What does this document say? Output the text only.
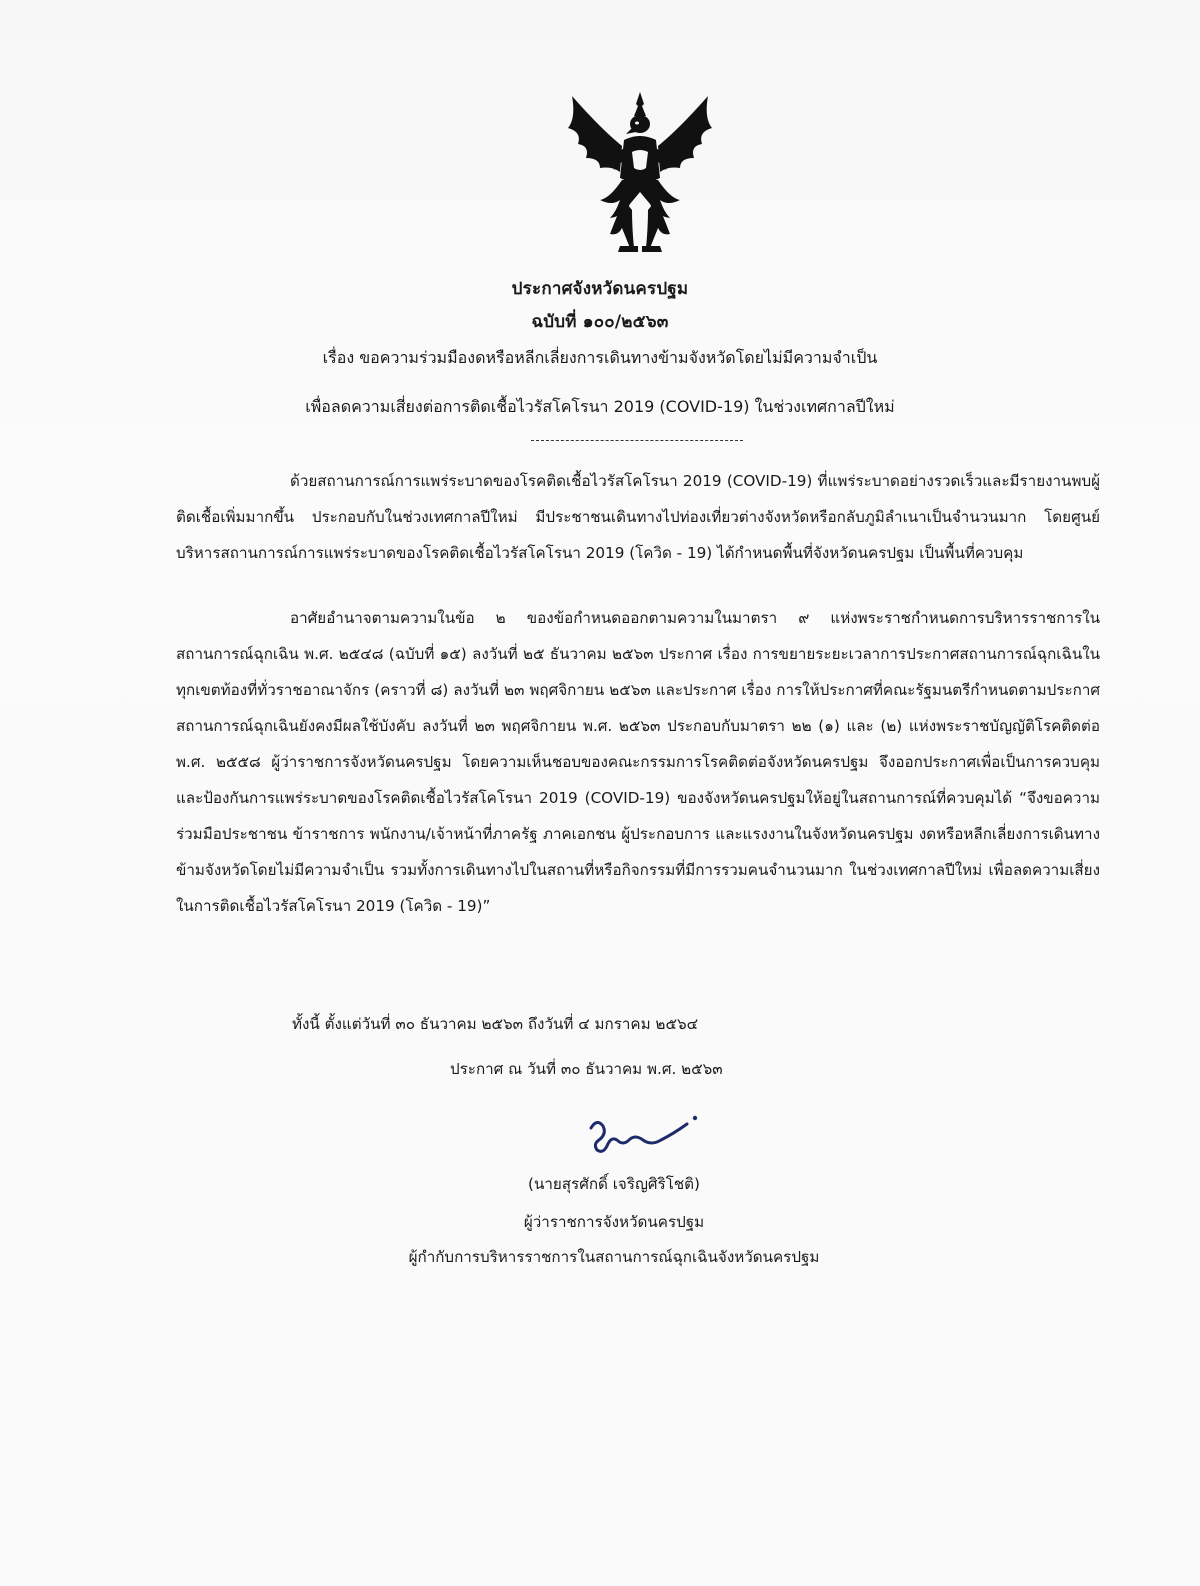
ประกาศจังหวัดนครปฐม
ฉบับที่ ๑๐๐/๒๕๖๓
เรื่อง ขอความร่วมมืองดหรือหลีกเลี่ยงการเดินทางข้ามจังหวัดโดยไม่มีความจำเป็น
เพื่อลดความเสี่ยงต่อการติดเชื้อไวรัสโคโรนา 2019 (COVID-19) ในช่วงเทศกาลปีใหม่

ด้วยสถานการณ์การแพร่ระบาดของโรคติดเชื้อไวรัสโคโรนา 2019 (COVID-19) ที่แพร่ระบาดอย่างรวดเร็วและมีรายงานพบผู้ติดเชื้อเพิ่มมากขึ้น ประกอบกับในช่วงเทศกาลปีใหม่ มีประชาชนเดินทางไปท่องเที่ยวต่างจังหวัดหรือกลับภูมิลำเนาเป็นจำนวนมาก โดยศูนย์บริหารสถานการณ์การแพร่ระบาดของโรคติดเชื้อไวรัสโคโรนา 2019 (โควิด - 19) ได้กำหนดพื้นที่จังหวัดนครปฐม เป็นพื้นที่ควบคุม

อาศัยอำนาจตามความในข้อ ๒ ของข้อกำหนดออกตามความในมาตรา ๙ แห่งพระราชกำหนดการบริหารราชการในสถานการณ์ฉุกเฉิน พ.ศ. ๒๕๔๘ (ฉบับที่ ๑๕) ลงวันที่ ๒๕ ธันวาคม ๒๕๖๓ ประกาศ เรื่อง การขยายระยะเวลาการประกาศสถานการณ์ฉุกเฉินในทุกเขตท้องที่ทั่วราชอาณาจักร (คราวที่ ๘) ลงวันที่ ๒๓ พฤศจิกายน ๒๕๖๓ และประกาศ เรื่อง การให้ประกาศที่คณะรัฐมนตรีกำหนดตามประกาศสถานการณ์ฉุกเฉินยังคงมีผลใช้บังคับ ลงวันที่ ๒๓ พฤศจิกายน พ.ศ. ๒๕๖๓ ประกอบกับมาตรา ๒๒ (๑) และ (๒) แห่งพระราชบัญญัติโรคติดต่อ พ.ศ. ๒๕๕๘ ผู้ว่าราชการจังหวัดนครปฐม โดยความเห็นชอบของคณะกรรมการโรคติดต่อจังหวัดนครปฐม จึงออกประกาศเพื่อเป็นการควบคุมและป้องกันการแพร่ระบาดของโรคติดเชื้อไวรัสโคโรนา 2019 (COVID-19) ของจังหวัดนครปฐมให้อยู่ในสถานการณ์ที่ควบคุมได้ “จึงขอความร่วมมือประชาชน ข้าราชการ พนักงาน/เจ้าหน้าที่ภาครัฐ ภาคเอกชน ผู้ประกอบการ และแรงงานในจังหวัดนครปฐม งดหรือหลีกเลี่ยงการเดินทางข้ามจังหวัดโดยไม่มีความจำเป็น รวมทั้งการเดินทางไปในสถานที่หรือกิจกรรมที่มีการรวมคนจำนวนมาก ในช่วงเทศกาลปีใหม่ เพื่อลดความเสี่ยงในการติดเชื้อไวรัสโคโรนา 2019 (โควิด - 19)”

ทั้งนี้ ตั้งแต่วันที่ ๓๐ ธันวาคม ๒๕๖๓ ถึงวันที่ ๔ มกราคม ๒๕๖๔
ประกาศ ณ วันที่ ๓๐ ธันวาคม พ.ศ. ๒๕๖๓
(นายสุรศักดิ์ เจริญศิริโชติ)
ผู้ว่าราชการจังหวัดนครปฐม
ผู้กำกับการบริหารราชการในสถานการณ์ฉุกเฉินจังหวัดนครปฐม
